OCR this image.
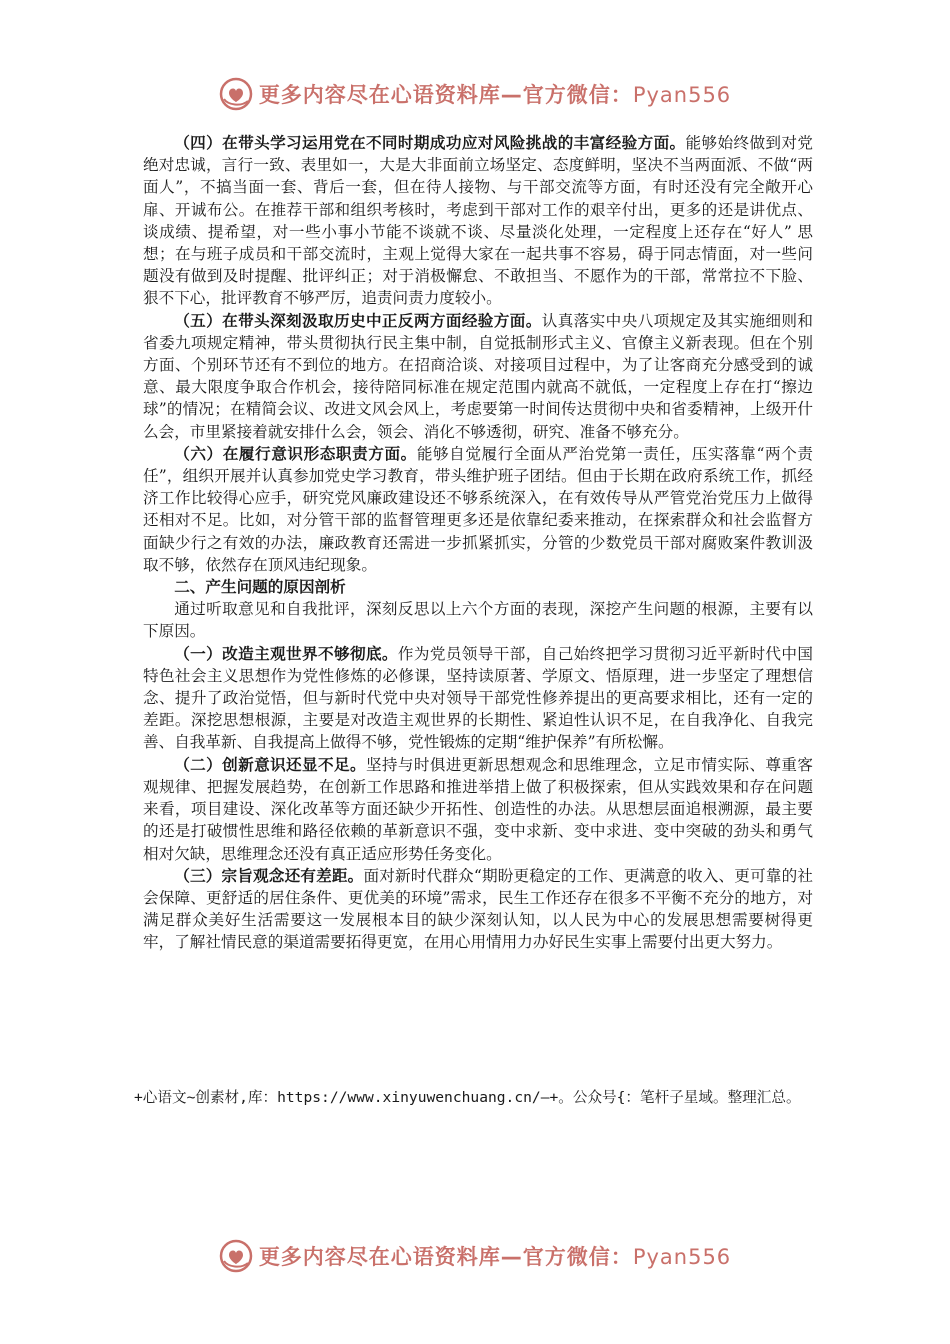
更多内容尽在心语资料库—官方微信：Pyan556

（四）在带头学习运用党在不同时期成功应对风险挑战的丰富经验方面。能够始终做到对党绝对忠诚，言行一致、表里如一，大是大非面前立场坚定、态度鲜明，坚决不当两面派、不做“两面人”，不搞当面一套、背后一套，但在待人接物、与干部交流等方面，有时还没有完全敞开心扉、开诚布公。在推荐干部和组织考核时，考虑到干部对工作的艰辛付出，更多的还是讲优点、谈成绩、提希望，对一些小事小节能不谈就不谈、尽量淡化处理，一定程度上还存在“好人” 思想；在与班子成员和干部交流时，主观上觉得大家在一起共事不容易，碍于同志情面，对一些问题没有做到及时提醒、批评纠正；对于消极懈怠、不敢担当、不愿作为的干部，常常拉不下脸、狠不下心，批评教育不够严厉，追责问责力度较小。

（五）在带头深刻汲取历史中正反两方面经验方面。认真落实中央八项规定及其实施细则和省委九项规定精神，带头贯彻执行民主集中制，自觉抵制形式主义、官僚主义新表现。但在个别方面、个别环节还有不到位的地方。在招商洽谈、对接项目过程中，为了让客商充分感受到的诚意、最大限度争取合作机会，接待陪同标准在规定范围内就高不就低，一定程度上存在打“擦边球”的情况；在精简会议、改进文风会风上，考虑要第一时间传达贯彻中央和省委精神，上级开什么会，市里紧接着就安排什么会，领会、消化不够透彻，研究、准备不够充分。

（六）在履行意识形态职责方面。能够自觉履行全面从严治党第一责任，压实落靠“两个责任”，组织开展并认真参加党史学习教育，带头维护班子团结。但由于长期在政府系统工作，抓经济工作比较得心应手，研究党风廉政建设还不够系统深入，在有效传导从严管党治党压力上做得还相对不足。比如，对分管干部的监督管理更多还是依靠纪委来推动，在探索群众和社会监督方面缺少行之有效的办法，廉政教育还需进一步抓紧抓实，分管的少数党员干部对腐败案件教训汲取不够，依然存在顶风违纪现象。

二、产生问题的原因剖析

通过听取意见和自我批评，深刻反思以上六个方面的表现，深挖产生问题的根源，主要有以下原因。

（一）改造主观世界不够彻底。作为党员领导干部，自己始终把学习贯彻习近平新时代中国特色社会主义思想作为党性修炼的必修课，坚持读原著、学原文、悟原理，进一步坚定了理想信念、提升了政治觉悟，但与新时代党中央对领导干部党性修养提出的更高要求相比，还有一定的差距。深挖思想根源，主要是对改造主观世界的长期性、紧迫性认识不足，在自我净化、自我完善、自我革新、自我提高上做得不够，党性锻炼的定期“维护保养”有所松懈。

（二）创新意识还显不足。坚持与时俱进更新思想观念和思维理念，立足市情实际、尊重客观规律、把握发展趋势，在创新工作思路和推进举措上做了积极探索，但从实践效果和存在问题来看，项目建设、深化改革等方面还缺少开拓性、创造性的办法。从思想层面追根溯源，最主要的还是打破惯性思维和路径依赖的革新意识不强，变中求新、变中求进、变中突破的劲头和勇气相对欠缺，思维理念还没有真正适应形势任务变化。

（三）宗旨观念还有差距。面对新时代群众“期盼更稳定的工作、更满意的收入、更可靠的社会保障、更舒适的居住条件、更优美的环境”需求，民生工作还存在很多不平衡不充分的地方，对满足群众美好生活需要这一发展根本目的缺少深刻认知，以人民为中心的发展思想需要树得更牢，了解社情民意的渠道需要拓得更宽，在用心用情用力办好民生实事上需要付出更大努力。

+心语文~创素材,库：https://www.xinyuwenchuang.cn/—+。公众号{：笔杆子星域。整理汇总。
更多内容尽在心语资料库—官方微信：Pyan556
